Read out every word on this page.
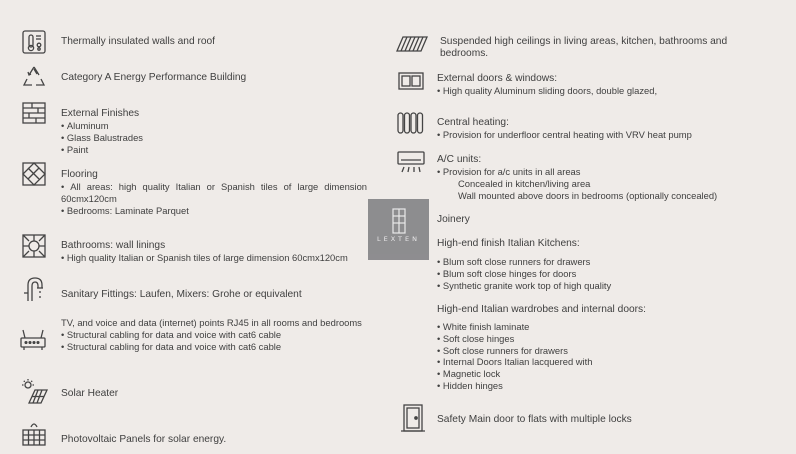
Thermally insulated walls and roof
Category A Energy Performance Building
External Finishes
• Aluminum
• Glass Balustrades
• Paint
Flooring
• All areas: high quality Italian or Spanish tiles of large dimension 60cmx120cm
• Bedrooms: Laminate Parquet
Bathrooms: wall linings
• High quality Italian or Spanish tiles of large dimension 60cmx120cm
Sanitary Fittings: Laufen, Mixers: Grohe or equivalent
TV, and voice and data (internet) points RJ45 in all rooms and bedrooms
• Structural cabling for data and voice with cat6 cable
• Structural cabling for data and voice with cat6 cable
Solar Heater
Photovoltaic Panels for solar energy.
LEXTEN
Suspended high ceilings in living areas, kitchen, bathrooms and bedrooms.
External doors & windows:
• High quality Aluminum sliding doors, double glazed,
Central heating:
• Provision for underfloor central heating with VRV heat pump
A/C units:
• Provision for a/c units in all areas
Concealed in kitchen/living area
Wall mounted above doors in bedrooms (optionally concealed)
Joinery
High-end finish Italian Kitchens:
• Blum soft close runners for drawers
• Blum soft close hinges for doors
• Synthetic granite work top of high quality
High-end Italian wardrobes and internal doors:
• White finish laminate
• Soft close hinges
• Soft close runners for drawers
• Internal Doors Italian lacquered with
• Magnetic lock
• Hidden hinges
Safety Main door to flats with multiple locks
